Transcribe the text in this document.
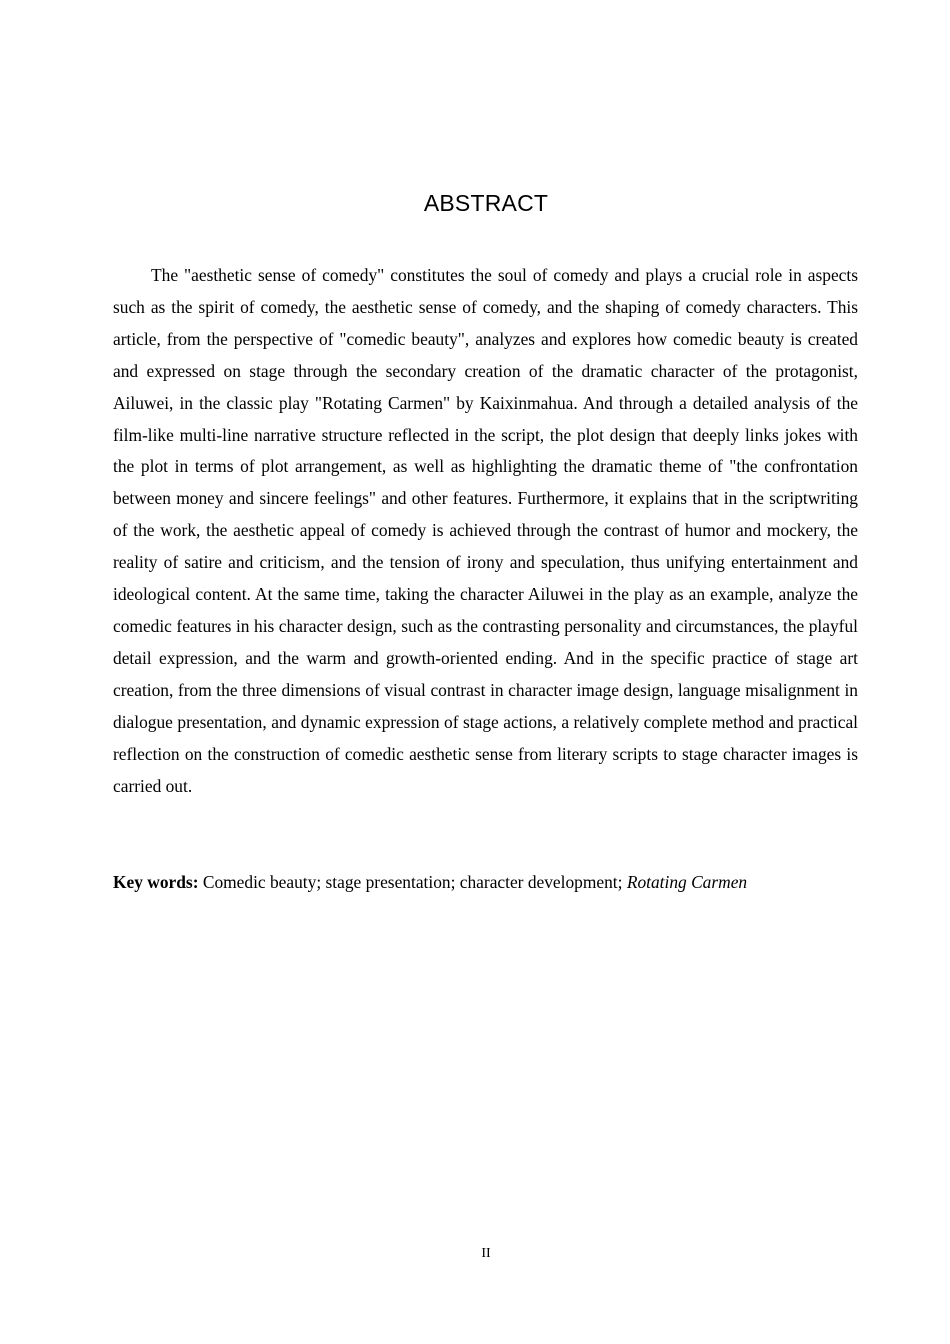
ABSTRACT

The "aesthetic sense of comedy" constitutes the soul of comedy and plays a crucial role in aspects such as the spirit of comedy, the aesthetic sense of comedy, and the shaping of comedy characters. This article, from the perspective of "comedic beauty", analyzes and explores how comedic beauty is created and expressed on stage through the secondary creation of the dramatic character of the protagonist, Ailuwei, in the classic play "Rotating Carmen" by Kaixinmahua. And through a detailed analysis of the film-like multi-line narrative structure reflected in the script, the plot design that deeply links jokes with the plot in terms of plot arrangement, as well as highlighting the dramatic theme of "the confrontation between money and sincere feelings" and other features. Furthermore, it explains that in the scriptwriting of the work, the aesthetic appeal of comedy is achieved through the contrast of humor and mockery, the reality of satire and criticism, and the tension of irony and speculation, thus unifying entertainment and ideological content. At the same time, taking the character Ailuwei in the play as an example, analyze the comedic features in his character design, such as the contrasting personality and circumstances, the playful detail expression, and the warm and growth-oriented ending. And in the specific practice of stage art creation, from the three dimensions of visual contrast in character image design, language misalignment in dialogue presentation, and dynamic expression of stage actions, a relatively complete method and practical reflection on the construction of comedic aesthetic sense from literary scripts to stage character images is carried out.

Key words: Comedic beauty; stage presentation; character development; Rotating Carmen

II
